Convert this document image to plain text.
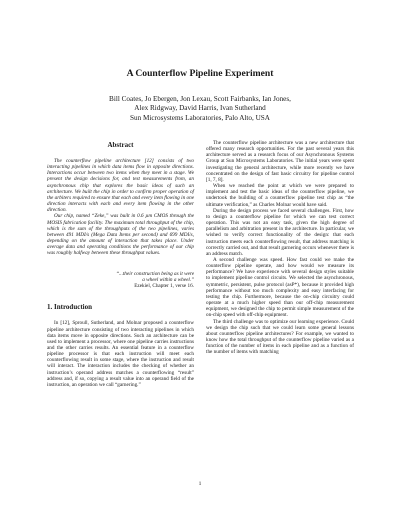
A Counterflow Pipeline Experiment
Bill Coates, Jo Ebergen, Jon Lexau, Scott Fairbanks, Ian Jones,
Alex Ridgway, David Harris, Ivan Sutherland
Sun Microsystems Laboratories, Palo Alto, USA
Abstract

The counterflow pipeline architecture [12] consists of two interacting pipelines in which data items flow in opposite directions. Interactions occur between two items when they meet in a stage. We present the design decisions for, and test measurements from, an asynchronous chip that explores the basic ideas of such an architecture. We built the chip in order to confirm proper operation of the arbiters required to ensure that each and every item flowing in one direction interacts with each and every item flowing in the other direction.

Our chip, named “Zeke,” was built in 0.6 µm CMOS through the MOSIS fabrication facility. The maximum total throughput of the chip, which is the sum of the throughputs of the two pipelines, varies between 491 MDI/s (Mega Data Items per second) and 699 MDI/s, depending on the amount of interaction that takes place. Under average data and operating conditions the performance of our chip was roughly halfway between these throughput values.

“...their construction being as it were
a wheel within a wheel.”
Ezekiel, Chapter 1, verse 16.
1. Introduction

In [12], Sproull, Sutherland, and Molnar proposed a counterflow pipeline architecture consisting of two interacting pipelines in which data items move in opposite directions. Such an architecture can be used to implement a processor, where one pipeline carries instructions and the other carries results. An essential feature in a counterflow pipeline processor is that each instruction will meet each counterflowing result in some stage, where the instruction and result will interact. The interaction includes the checking of whether an instruction’s operand address matches a counterflowing “result” address and, if so, copying a result value into an operand field of the instruction, an operation we call “garnering.”

The counterflow pipeline architecture was a new architecture that offered many research opportunities. For the past several years this architecture served as a research focus of our Asynchronous Systems Group at Sun Microsystems Laboratories. The initial years were spent investigating the general architecture, while more recently we have concentrated on the design of fast basic circuitry for pipeline control [1, 7, 8].

When we reached the point at which we were prepared to implement and test the basic ideas of the counterflow pipeline, we undertook the building of a counterflow pipeline test chip as “the ultimate verification,” as Charles Molnar would have said.

During the design process we faced several challenges. First, how to design a counterflow pipeline for which we can test correct operation. This was not an easy task, given the high degree of parallelism and arbitration present in the architecture. In particular, we wished to verify correct functionality of the design: that each instruction meets each counterflowing result, that address matching is correctly carried out, and that result garnering occurs whenever there is an address match.

A second challenge was speed. How fast could we make the counterflow pipeline operate, and how would we measure its performance? We have experience with several design styles suitable to implement pipeline control circuits. We selected the asynchronous, symmetric, persistent, pulse protocol (asP*), because it provided high performance without too much complexity and easy interfacing for testing the chip. Furthermore, because the on-chip circuitry could operate at a much higher speed than our off-chip measurement equipment, we designed the chip to permit simple measurement of the on-chip speed with off-chip equipment.

The third challenge was to optimize our learning experience. Could we design the chip such that we could learn some general lessons about counterflow pipeline architectures? For example, we wanted to know how the total throughput of the counterflow pipeline varied as a function of the number of items in each pipeline and as a function of the number of items with matching

1
